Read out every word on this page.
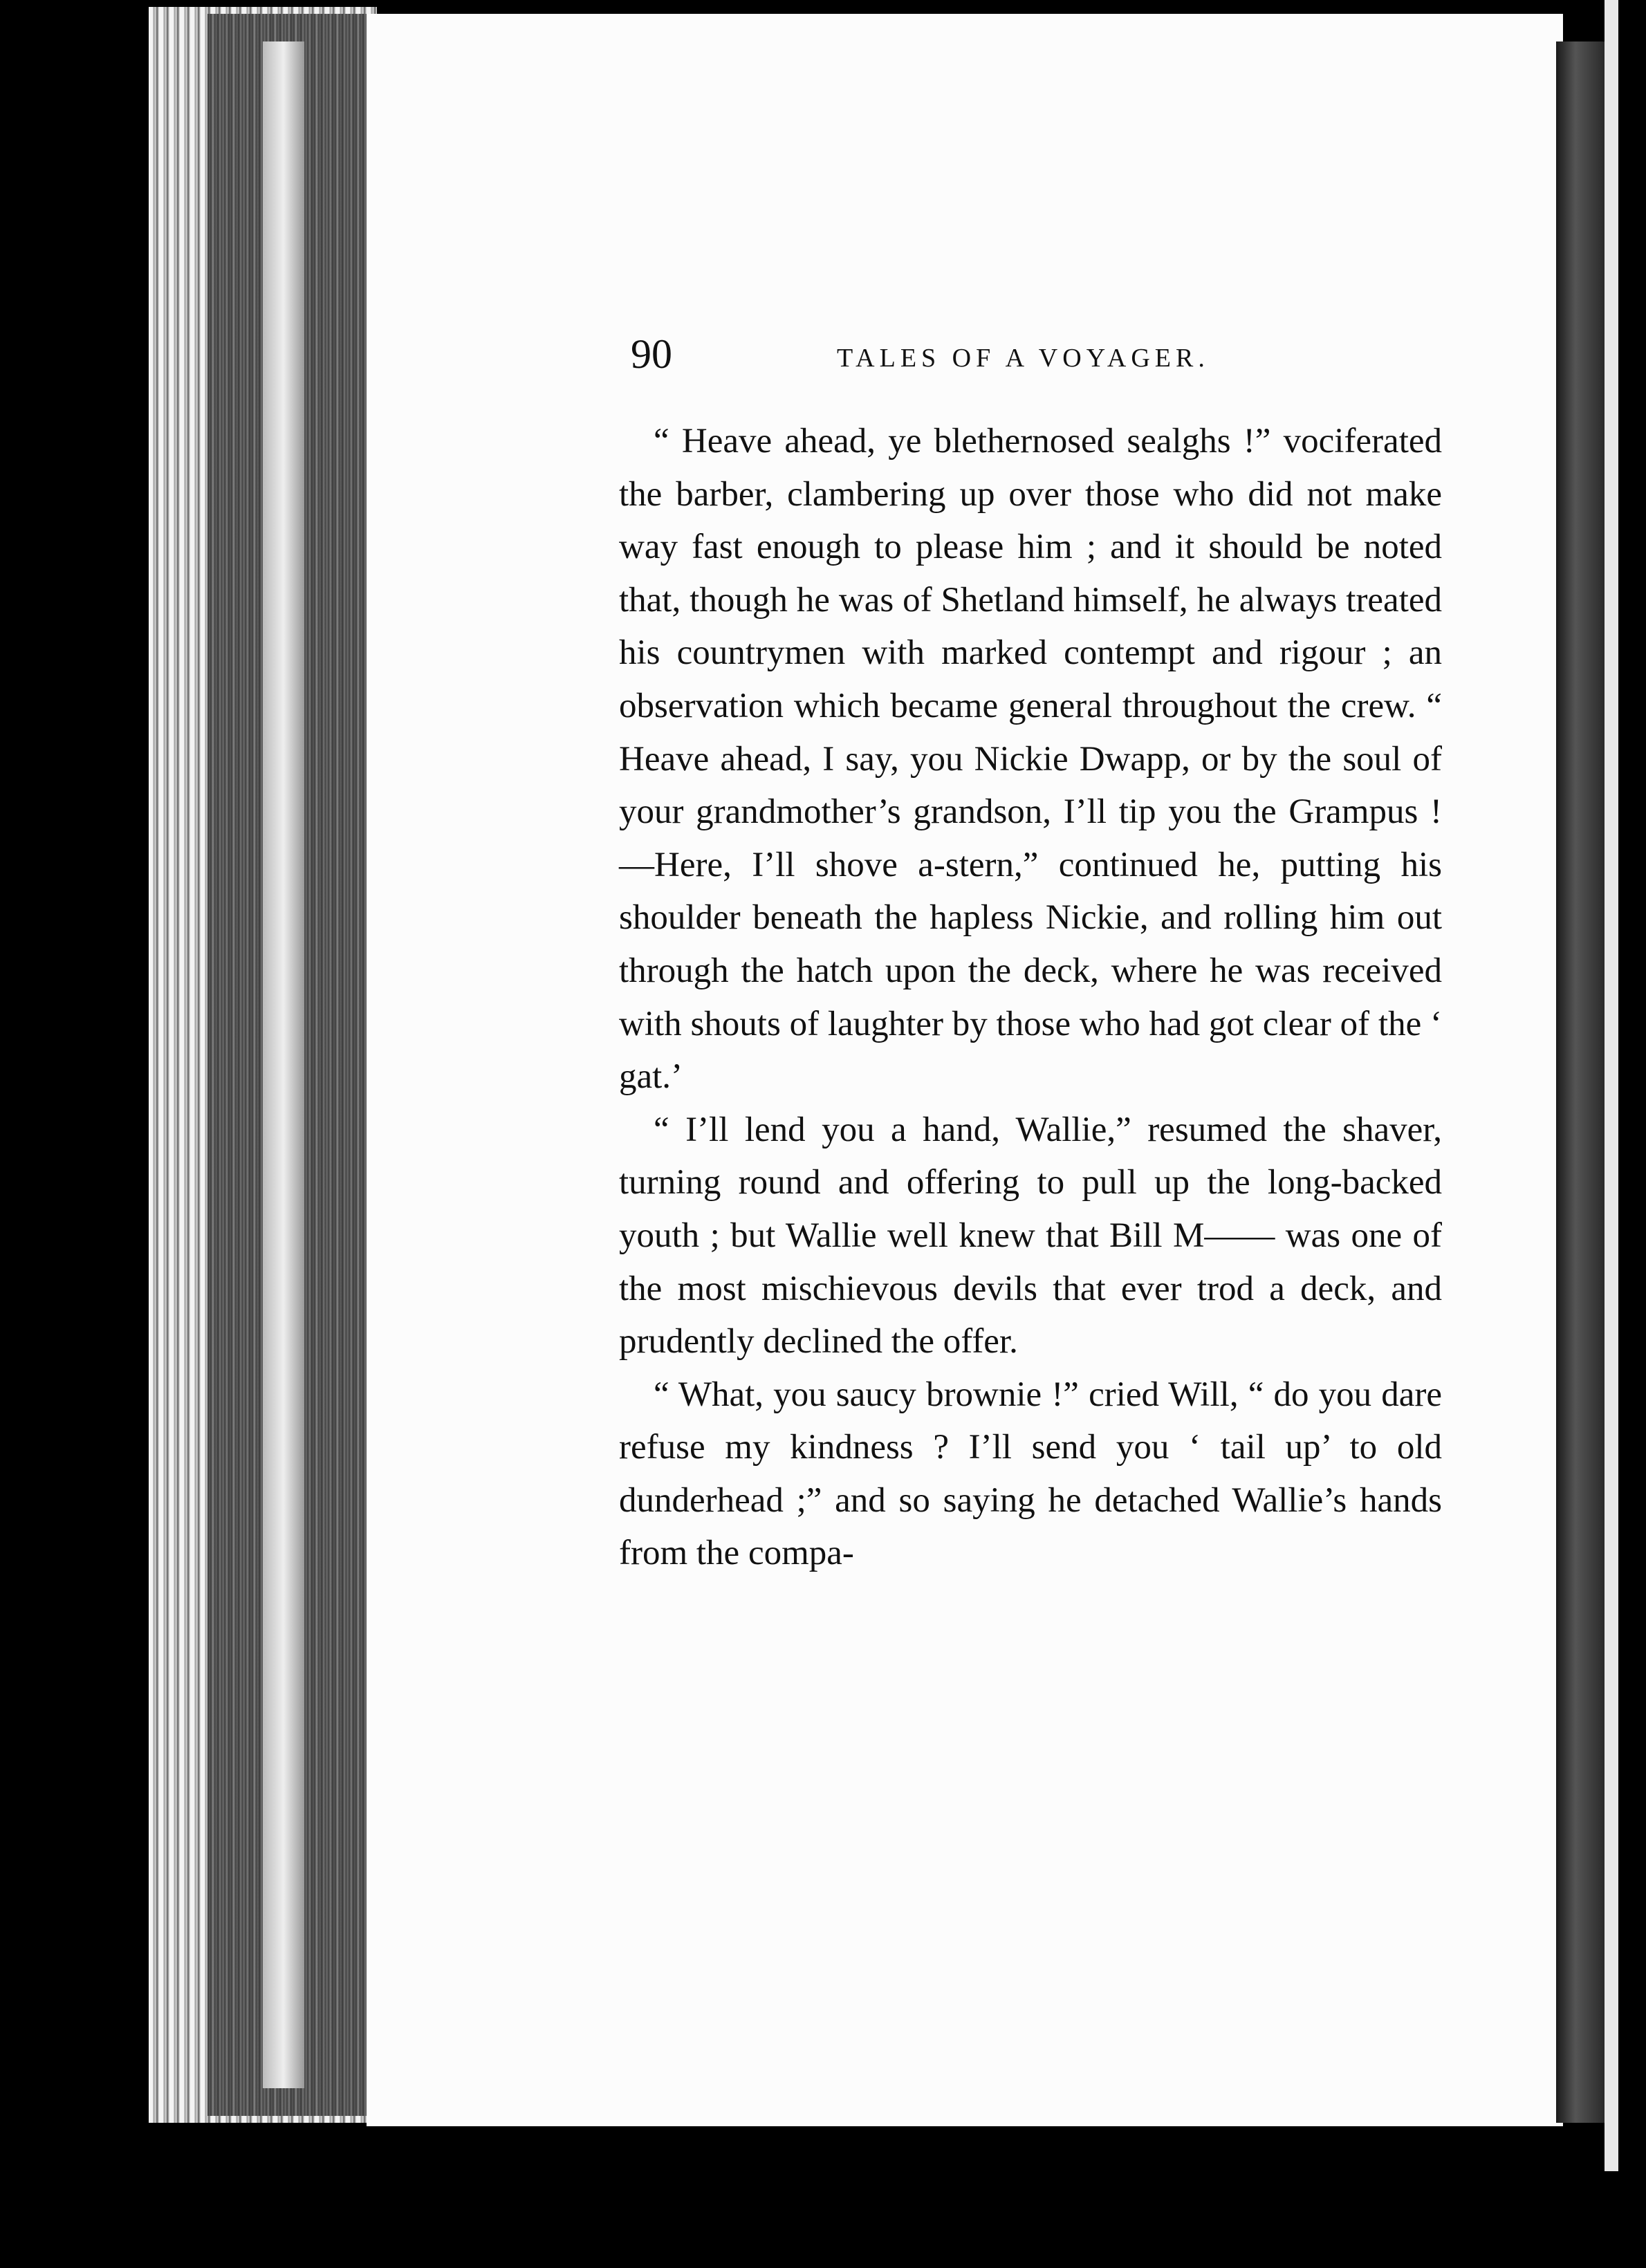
90	TALES OF A VOYAGER.

“ Heave ahead, ye blethernosed sealghs !” vociferated the barber, clambering up over those who did not make way fast enough to please him ; and it should be noted that, though he was of Shetland himself, he always treated his countrymen with marked contempt and rigour ; an observation which became general throughout the crew. “ Heave ahead, I say, you Nickie Dwapp, or by the soul of your grandmother’s grandson, I’ll tip you the Grampus ! —Here, I’ll shove a-stern,” continued he, putting his shoulder beneath the hapless Nickie, and rolling him out through the hatch upon the deck, where he was received with shouts of laughter by those who had got clear of the ‘ gat.’

“ I’ll lend you a hand, Wallie,” resumed the shaver, turning round and offering to pull up the long-backed youth ; but Wallie well knew that Bill M—— was one of the most mischievous devils that ever trod a deck, and prudently declined the offer.

“ What, you saucy brownie !” cried Will, “ do you dare refuse my kindness ? I’ll send you ‘ tail up’ to old dunderhead ;” and so saying he detached Wallie’s hands from the compa-
